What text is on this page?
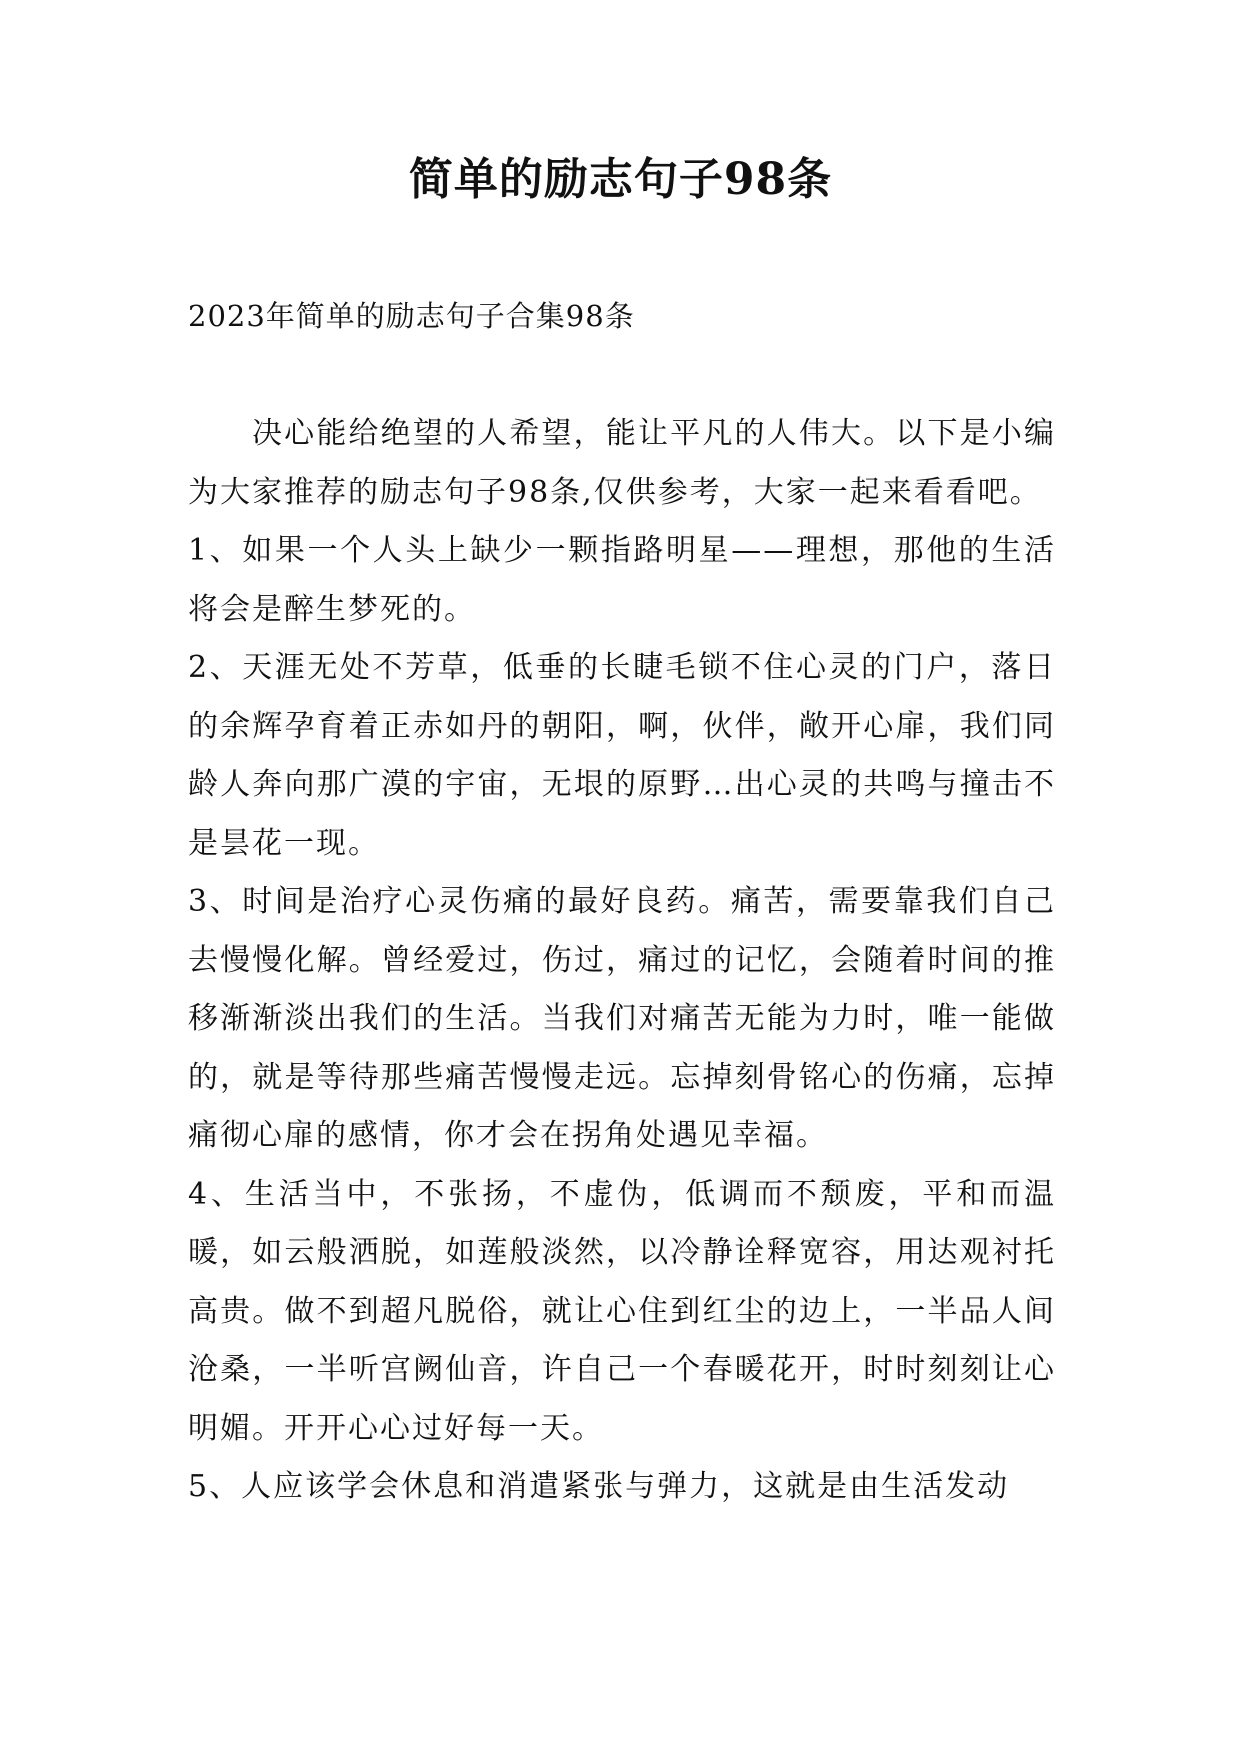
简单的励志句子98条
2023年简单的励志句子合集98条

决心能给绝望的人希望，能让平凡的人伟大。以下是小编为大家推荐的励志句子98条,仅供参考，大家一起来看看吧。

1、如果一个人头上缺少一颗指路明星——理想，那他的生活将会是醉生梦死的。

2、天涯无处不芳草，低垂的长睫毛锁不住心灵的门户，落日的余辉孕育着正赤如丹的朝阳，啊，伙伴，敞开心扉，我们同龄人奔向那广漠的宇宙，无垠的原野…出心灵的共鸣与撞击不是昙花一现。

3、时间是治疗心灵伤痛的最好良药。痛苦，需要靠我们自己去慢慢化解。曾经爱过，伤过，痛过的记忆，会随着时间的推移渐渐淡出我们的生活。当我们对痛苦无能为力时，唯一能做的，就是等待那些痛苦慢慢走远。忘掉刻骨铭心的伤痛，忘掉痛彻心扉的感情，你才会在拐角处遇见幸福。

4、生活当中，不张扬，不虚伪，低调而不颓废，平和而温暖，如云般洒脱，如莲般淡然，以冷静诠释宽容，用达观衬托高贵。做不到超凡脱俗，就让心住到红尘的边上，一半品人间沧桑，一半听宫阙仙音，许自己一个春暖花开，时时刻刻让心明媚。开开心心过好每一天。

5、人应该学会休息和消遣紧张与弹力，这就是由生活发动
